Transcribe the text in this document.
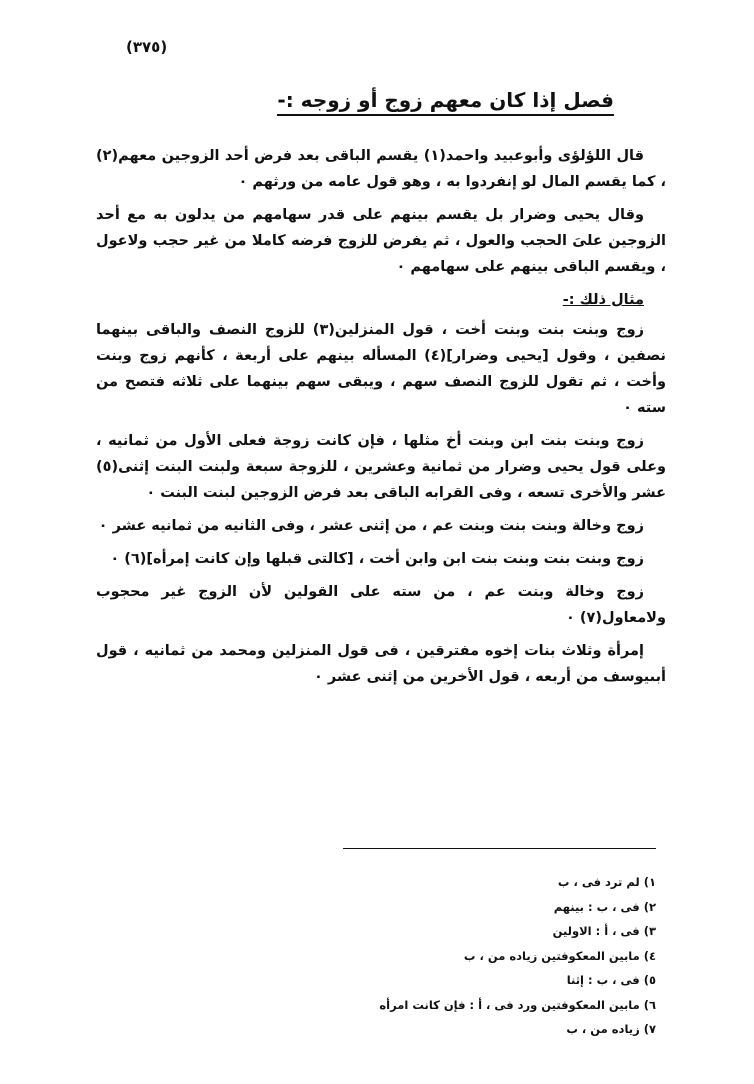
(٣٧٥)
فصل إذا كان معهم زوج أو زوجه :-

قال اللؤلؤى وأبوعبيد واحمد(١) يقسم الباقى بعد فرض أحد الزوجين معهم(٢) ، كما يقسم المال لو إنفردوا به ، وهو قول عامه من ورثهم ٠

وقال يحيى وضرار بل يقسم بينهم على قدر سهامهم من يدلون به مع أحد الزوجين علىَ الحجب والعول ، ثم يفرض للزوج فرضه كاملا من غير حجب ولاعول ، ويقسم الباقى بينهم على سهامهم ٠

مثال ذلك :-

زوج وبنت بنت وبنت أخت ، قول المنزلين(٣) للزوج النصف والباقى بينهما نصفين ، وقول [يحيى وضرار](٤) المسأله بينهم على أربعة ، كأنهم زوج وبنت وأخت ، ثم تقول للزوج النصف سهم ، ويبقى سهم بينهما على ثلاثه فتصح من سته ٠

زوج وبنت بنت ابن وبنت أخ مثلها ، فإن كانت زوجة فعلى الأول من ثمانيه ، وعلى قول يحيى وضرار من ثمانية وعشرين ، للزوجة سبعة ولبنت البنت إثنى(٥) عشر والأخرى تسعه ، وفى القرابه الباقى بعد فرض الزوجين لبنت البنت ٠

زوج وخالة وبنت بنت وبنت عم ، من إثنى عشر ، وفى الثانيه من ثمانيه عشر ٠

زوج وبنت بنت وبنت بنت ابن وابن أخت ، [كالتى قبلها وإن كانت إمرأه](٦) ٠

زوج وخالة وبنت عم ، من سته على القولين لأن الزوج غير محجوب ولامعاول(٧) ٠

إمرأة وثلاث بنات إخوه مفترقين ، فى قول المنزلين ومحمد من ثمانيه ، قول أبىيوسف من أربعه ، قول الأخرين من إثنى عشر ٠

١) لم ترد فى ، ب
٢) فى ، ب : بينهم
٣) فى ، أ : الاولين
٤) مابين المعكوفتين زياده من ، ب
٥) فى ، ب : إثنا
٦) مابين المعكوفتين ورد فى ، أ : فإن كانت امرأه
٧) زياده من ، ب
